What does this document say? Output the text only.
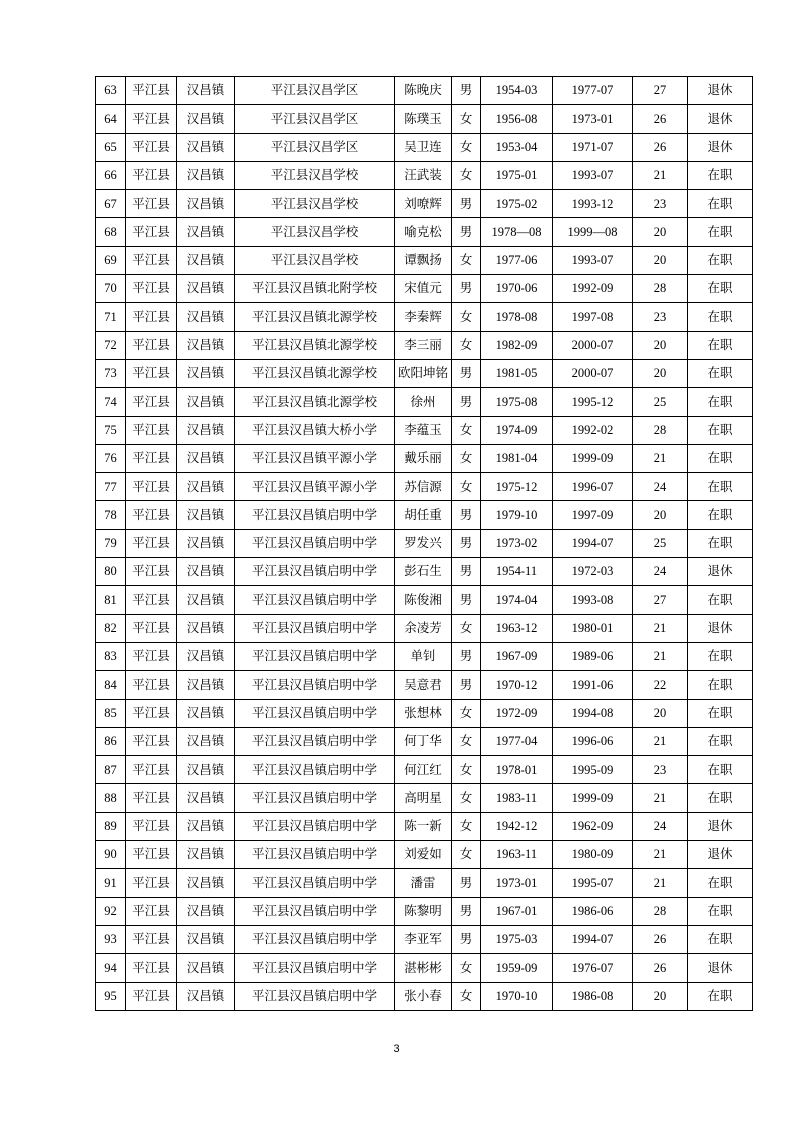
63	平江县	汉昌镇	平江县汉昌学区	陈晚庆	男	1954-03	1977-07	27	退休
64	平江县	汉昌镇	平江县汉昌学区	陈璞玉	女	1956-08	1973-01	26	退休
65	平江县	汉昌镇	平江县汉昌学区	吴卫连	女	1953-04	1971-07	26	退休
66	平江县	汉昌镇	平江县汉昌学校	汪武装	女	1975-01	1993-07	21	在职
67	平江县	汉昌镇	平江县汉昌学校	刘嘹辉	男	1975-02	1993-12	23	在职
68	平江县	汉昌镇	平江县汉昌学校	喻克松	男	1978—08	1999—08	20	在职
69	平江县	汉昌镇	平江县汉昌学校	谭飘扬	女	1977-06	1993-07	20	在职
70	平江县	汉昌镇	平江县汉昌镇北附学校	宋值元	男	1970-06	1992-09	28	在职
71	平江县	汉昌镇	平江县汉昌镇北源学校	李秦辉	女	1978-08	1997-08	23	在职
72	平江县	汉昌镇	平江县汉昌镇北源学校	李三丽	女	1982-09	2000-07	20	在职
73	平江县	汉昌镇	平江县汉昌镇北源学校	欧阳坤铭	男	1981-05	2000-07	20	在职
74	平江县	汉昌镇	平江县汉昌镇北源学校	徐州	男	1975-08	1995-12	25	在职
75	平江县	汉昌镇	平江县汉昌镇大桥小学	李蕴玉	女	1974-09	1992-02	28	在职
76	平江县	汉昌镇	平江县汉昌镇平源小学	戴乐丽	女	1981-04	1999-09	21	在职
77	平江县	汉昌镇	平江县汉昌镇平源小学	苏信源	女	1975-12	1996-07	24	在职
78	平江县	汉昌镇	平江县汉昌镇启明中学	胡任重	男	1979-10	1997-09	20	在职
79	平江县	汉昌镇	平江县汉昌镇启明中学	罗发兴	男	1973-02	1994-07	25	在职
80	平江县	汉昌镇	平江县汉昌镇启明中学	彭石生	男	1954-11	1972-03	24	退休
81	平江县	汉昌镇	平江县汉昌镇启明中学	陈俊湘	男	1974-04	1993-08	27	在职
82	平江县	汉昌镇	平江县汉昌镇启明中学	余凌芳	女	1963-12	1980-01	21	退休
83	平江县	汉昌镇	平江县汉昌镇启明中学	单钊	男	1967-09	1989-06	21	在职
84	平江县	汉昌镇	平江县汉昌镇启明中学	吴意君	男	1970-12	1991-06	22	在职
85	平江县	汉昌镇	平江县汉昌镇启明中学	张想林	女	1972-09	1994-08	20	在职
86	平江县	汉昌镇	平江县汉昌镇启明中学	何丁华	女	1977-04	1996-06	21	在职
87	平江县	汉昌镇	平江县汉昌镇启明中学	何江红	女	1978-01	1995-09	23	在职
88	平江县	汉昌镇	平江县汉昌镇启明中学	高明星	女	1983-11	1999-09	21	在职
89	平江县	汉昌镇	平江县汉昌镇启明中学	陈一新	女	1942-12	1962-09	24	退休
90	平江县	汉昌镇	平江县汉昌镇启明中学	刘爱如	女	1963-11	1980-09	21	退休
91	平江县	汉昌镇	平江县汉昌镇启明中学	潘雷	男	1973-01	1995-07	21	在职
92	平江县	汉昌镇	平江县汉昌镇启明中学	陈黎明	男	1967-01	1986-06	28	在职
93	平江县	汉昌镇	平江县汉昌镇启明中学	李亚军	男	1975-03	1994-07	26	在职
94	平江县	汉昌镇	平江县汉昌镇启明中学	湛彬彬	女	1959-09	1976-07	26	退休
95	平江县	汉昌镇	平江县汉昌镇启明中学	张小春	女	1970-10	1986-08	20	在职
3
